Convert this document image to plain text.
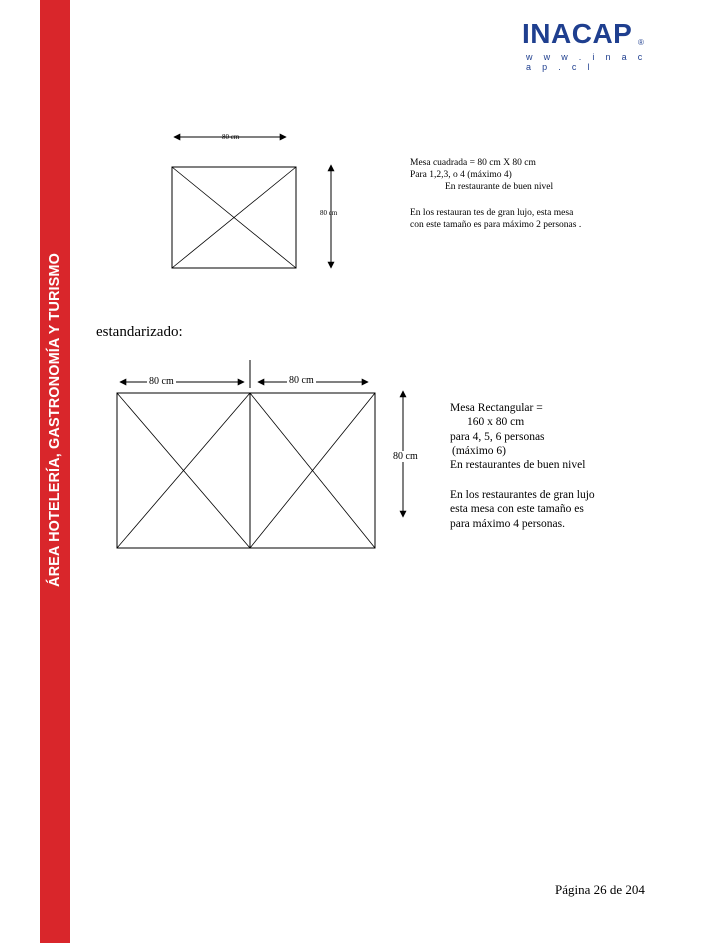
ÁREA HOTELERÍA, GASTRONOMÍA Y TURISMO
INACAP ®
w w w . i n a c a p . c l
80 cm
80 cm
Mesa cuadrada = 80 cm X 80 cm
Para 1,2,3, o 4 (máximo 4)
En restaurante de buen nivel
En los restauran tes de gran lujo, esta mesa
con este tamaño es para máximo 2 personas .
estandarizado:
80 cm	80 cm
80 cm
Mesa Rectangular =
160 x 80 cm
para 4, 5, 6 personas
(máximo 6)
En restaurantes de buen nivel
En los restaurantes de gran lujo
esta mesa con este tamaño es
para máximo 4 personas.
Página 26 de 204
